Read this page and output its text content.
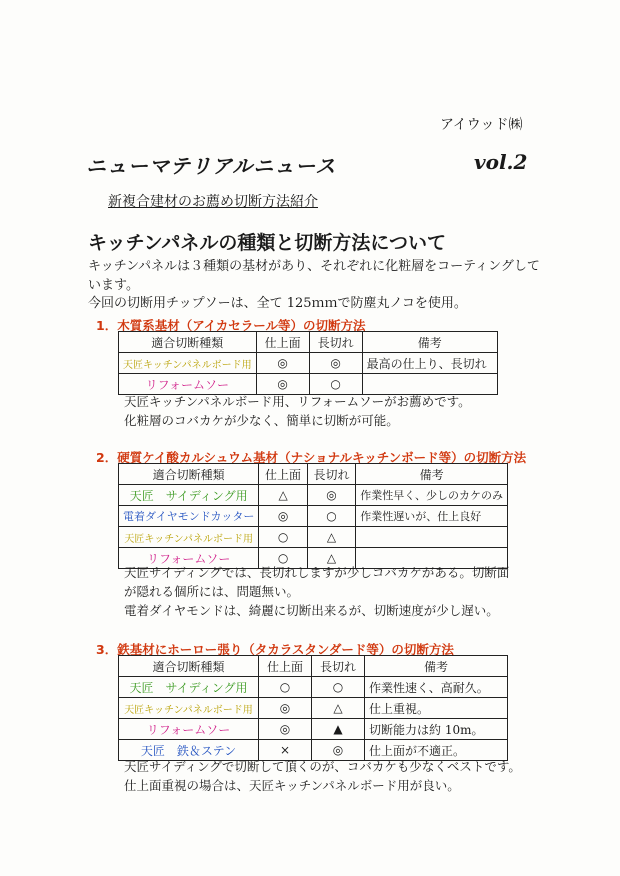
アイウッド㈱
ニューマテリアルニュース	vol.2
新複合建材のお薦め切断方法紹介
キッチンパネルの種類と切断方法について
キッチンパネルは３種類の基材があり、それぞれに化粧層をコーティングしています。
今回の切断用チップソーは、全て 125ｍｍで防塵丸ノコを使用。
1．木質系基材（アイカセラール等）の切断方法
適合切断種類	仕上面	長切れ	備考
天匠キッチンパネルボード用	◎	◎	最高の仕上り、長切れ
リフォームソー	◎	○	
天匠キッチンパネルボード用、リフォームソーがお薦めです。
化粧層のコバカケが少なく、簡単に切断が可能。
2．硬質ケイ酸カルシュウム基材（ナショナルキッチンボード等）の切断方法
適合切断種類	仕上面	長切れ	備考
天匠　サイディング用	△	◎	作業性早く、少しのカケのみ
電着ダイヤモンドカッター	◎	○	作業性遅いが、仕上良好
天匠キッチンパネルボード用	○	△	
リフォームソー	○	△	
天匠サイディングでは、長切れしますが少しコバカケがある。切断面
が隠れる個所には、問題無い。
電着ダイヤモンドは、綺麗に切断出来るが、切断速度が少し遅い。
3．鉄基材にホーロー張り（タカラスタンダード等）の切断方法
適合切断種類	仕上面	長切れ	備考
天匠　サイディング用	○	○	作業性速く、高耐久。
天匠キッチンパネルボード用	◎	△	仕上重視。
リフォームソー	◎	▲	切断能力は約 10m。
天匠　鉄＆ステン	×	◎	仕上面が不適正。
天匠サイディングで切断して頂くのが、コバカケも少なくベストです。
仕上面重視の場合は、天匠キッチンパネルボード用が良い。
